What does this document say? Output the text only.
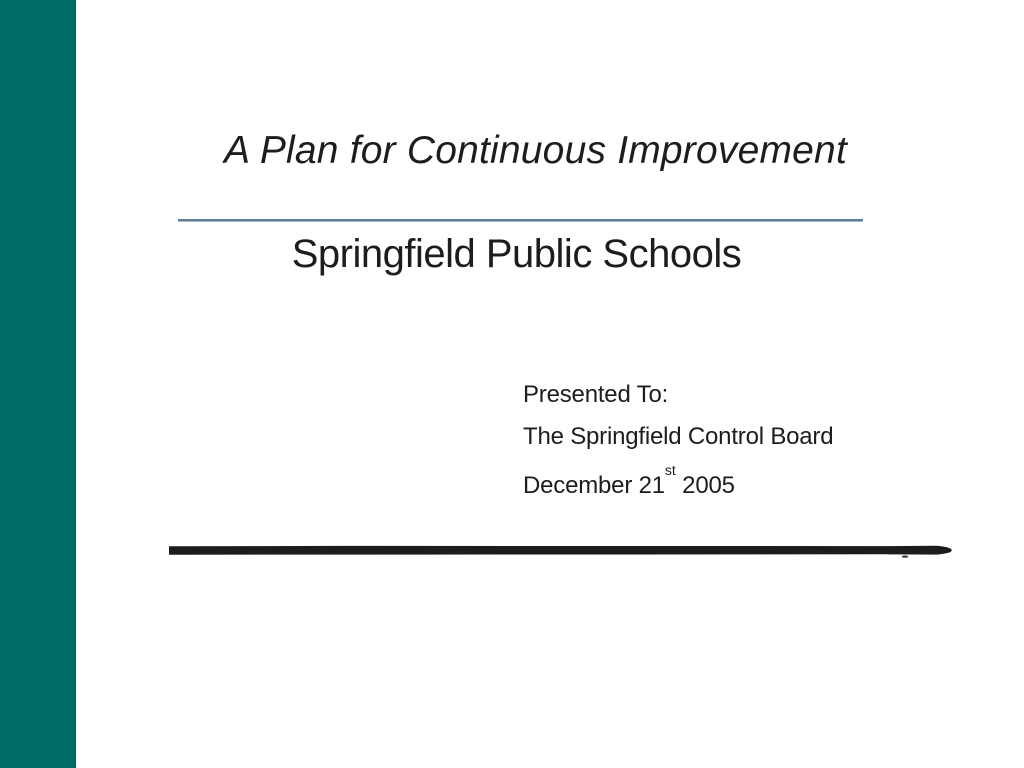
A Plan for Continuous Improvement
Springfield Public Schools
Presented To:
The Springfield Control Board
December 21st 2005
